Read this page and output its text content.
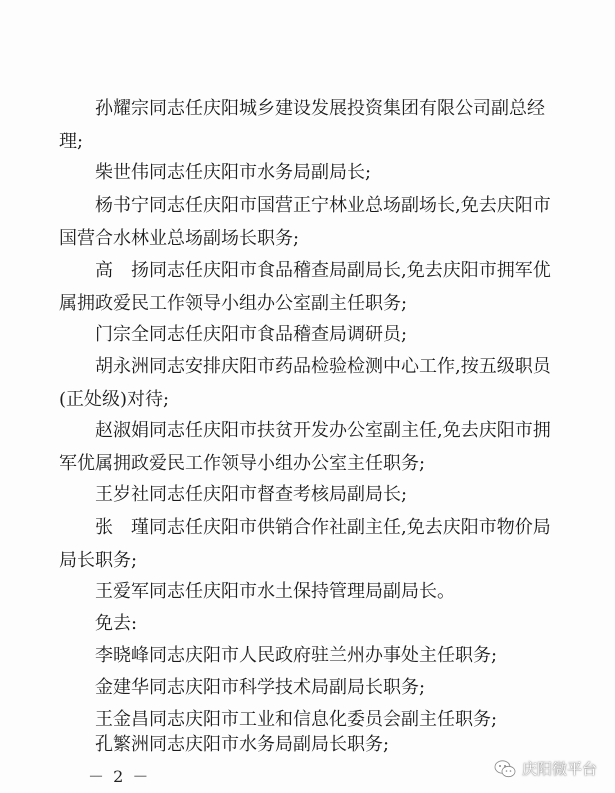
孙耀宗同志任庆阳城乡建设发展投资集团有限公司副总经
理;

柴世伟同志任庆阳市水务局副局长;

杨书宁同志任庆阳市国营正宁林业总场副场长,免去庆阳市
国营合水林业总场副场长职务;

高　扬同志任庆阳市食品稽查局副局长,免去庆阳市拥军优
属拥政爱民工作领导小组办公室副主任职务;

门宗全同志任庆阳市食品稽查局调研员;

胡永洲同志安排庆阳市药品检验检测中心工作,按五级职员
(正处级)对待;

赵淑娟同志任庆阳市扶贫开发办公室副主任,免去庆阳市拥
军优属拥政爱民工作领导小组办公室主任职务;

王岁社同志任庆阳市督查考核局副局长;

张　瑾同志任庆阳市供销合作社副主任,免去庆阳市物价局
局长职务;

王爱军同志任庆阳市水土保持管理局副局长。

免去:

李晓峰同志庆阳市人民政府驻兰州办事处主任职务;

金建华同志庆阳市科学技术局副局长职务;

王金昌同志庆阳市工业和信息化委员会副主任职务;

孔繁洲同志庆阳市水务局副局长职务;

－ 2 －	庆阳微平台
